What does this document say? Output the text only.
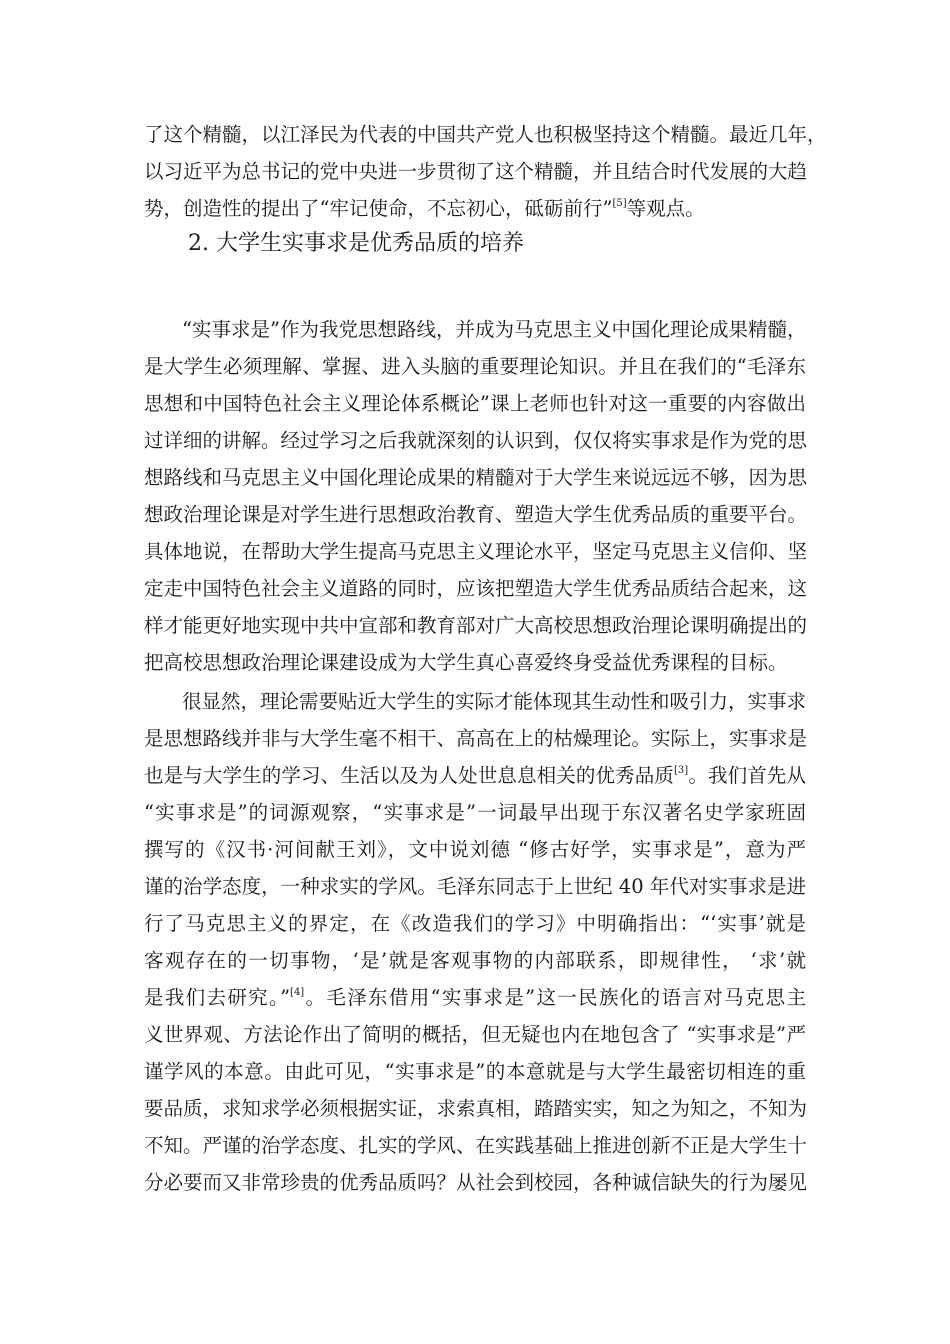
了这个精髓，以江泽民为代表的中国共产党人也积极坚持这个精髓。最近几年，
以习近平为总书记的党中央进一步贯彻了这个精髓，并且结合时代发展的大趋
势，创造性的提出了“牢记使命，不忘初心，砥砺前行”[5]等观点。
2. 大学生实事求是优秀品质的培养
“实事求是”作为我党思想路线，并成为马克思主义中国化理论成果精髓，
是大学生必须理解、掌握、进入头脑的重要理论知识。并且在我们的“毛泽东
思想和中国特色社会主义理论体系概论”课上老师也针对这一重要的内容做出
过详细的讲解。经过学习之后我就深刻的认识到，仅仅将实事求是作为党的思
想路线和马克思主义中国化理论成果的精髓对于大学生来说远远不够，因为思
想政治理论课是对学生进行思想政治教育、塑造大学生优秀品质的重要平台。
具体地说，在帮助大学生提高马克思主义理论水平，坚定马克思主义信仰、坚
定走中国特色社会主义道路的同时，应该把塑造大学生优秀品质结合起来，这
样才能更好地实现中共中宣部和教育部对广大高校思想政治理论课明确提出的
把高校思想政治理论课建设成为大学生真心喜爱终身受益优秀课程的目标。
很显然，理论需要贴近大学生的实际才能体现其生动性和吸引力，实事求
是思想路线并非与大学生毫不相干、高高在上的枯燥理论。实际上，实事求是
也是与大学生的学习、生活以及为人处世息息相关的优秀品质[3]。我们首先从
“实事求是”的词源观察，“实事求是”一词最早出现于东汉著名史学家班固
撰写的《汉书·河间献王刘》，文中说刘德 “修古好学，实事求是”，意为严
谨的治学态度，一种求实的学风。毛泽东同志于上世纪 40 年代对实事求是进
行了马克思主义的界定，在《改造我们的学习》中明确指出：“‘实事’就是
客观存在的一切事物，‘是’就是客观事物的内部联系，即规律性， ‘求’就
是我们去研究。”[4]。毛泽东借用“实事求是”这一民族化的语言对马克思主
义世界观、方法论作出了简明的概括，但无疑也内在地包含了 “实事求是”严
谨学风的本意。由此可见，“实事求是”的本意就是与大学生最密切相连的重
要品质，求知求学必须根据实证，求索真相，踏踏实实，知之为知之，不知为
不知。严谨的治学态度、扎实的学风、在实践基础上推进创新不正是大学生十
分必要而又非常珍贵的优秀品质吗？从社会到校园，各种诚信缺失的行为屡见
